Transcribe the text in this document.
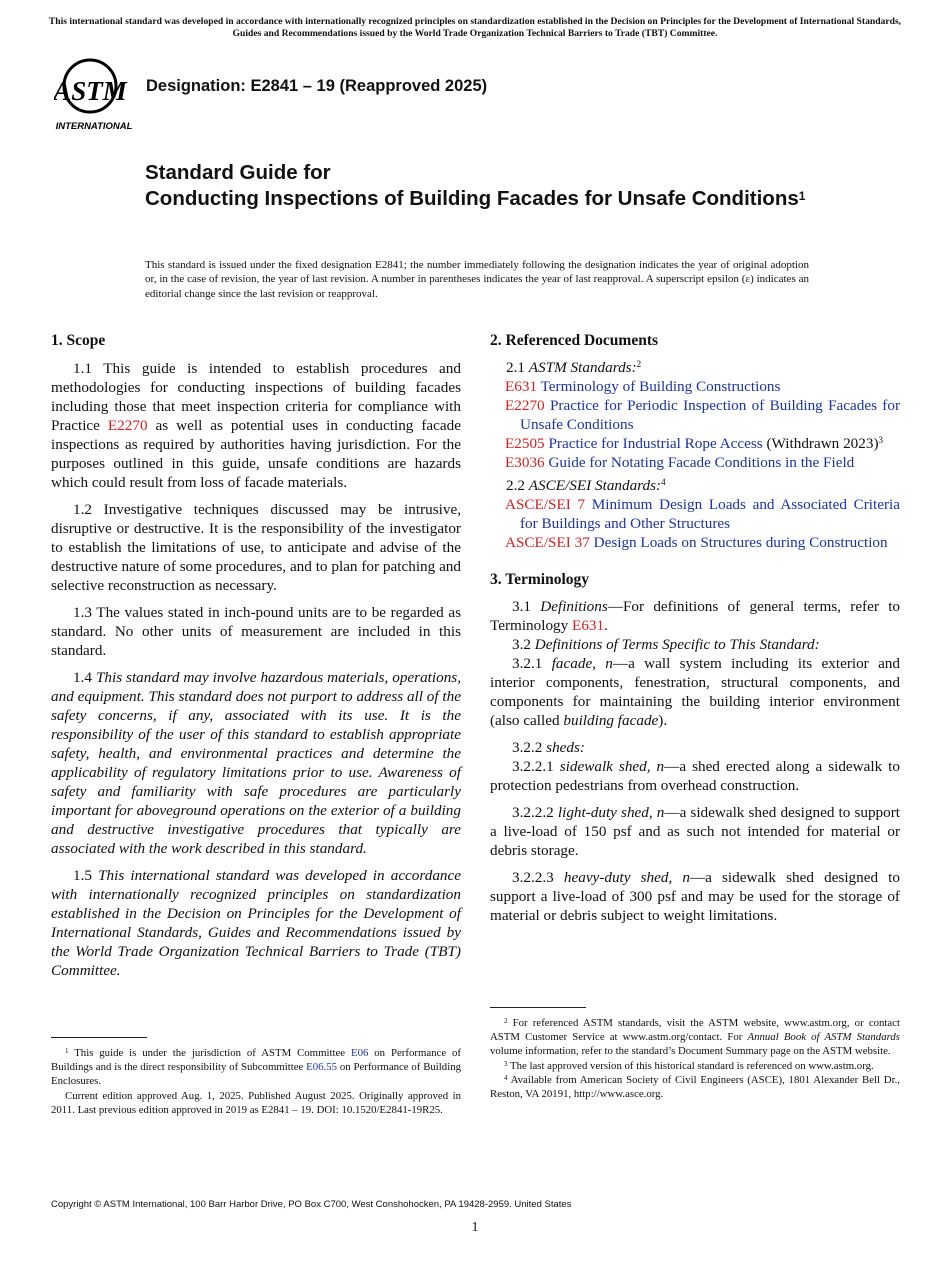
This international standard was developed in accordance with internationally recognized principles on standardization established in the Decision on Principles for the Development of International Standards, Guides and Recommendations issued by the World Trade Organization Technical Barriers to Trade (TBT) Committee.
ASTM
INTERNATIONAL
Designation: E2841 – 19 (Reapproved 2025)
Standard Guide for
Conducting Inspections of Building Facades for Unsafe Conditions$^1$
This standard is issued under the fixed designation E2841; the number immediately following the designation indicates the year of original adoption or, in the case of revision, the year of last revision. A number in parentheses indicates the year of last reapproval. A superscript epsilon (ε) indicates an editorial change since the last revision or reapproval.
1. Scope

1.1 This guide is intended to establish procedures and methodologies for conducting inspections of building facades including those that meet inspection criteria for compliance with Practice E2270 as well as potential uses in conducting facade inspections as required by authorities having jurisdiction. For the purposes outlined in this guide, unsafe conditions are hazards which could result from loss of facade materials.

1.2 Investigative techniques discussed may be intrusive, disruptive or destructive. It is the responsibility of the investigator to establish the limitations of use, to anticipate and advise of the destructive nature of some procedures, and to plan for patching and selective reconstruction as necessary.

1.3 The values stated in inch-pound units are to be regarded as standard. No other units of measurement are included in this standard.

1.4 This standard may involve hazardous materials, operations, and equipment. This standard does not purport to address all of the safety concerns, if any, associated with its use. It is the responsibility of the user of this standard to establish appropriate safety, health, and environmental practices and determine the applicability of regulatory limitations prior to use. Awareness of safety and familiarity with safe procedures are particularly important for aboveground operations on the exterior of a building and destructive investigative procedures that typically are associated with the work described in this standard.

1.5 This international standard was developed in accordance with internationally recognized principles on standardization established in the Decision on Principles for the Development of International Standards, Guides and Recommendations issued by the World Trade Organization Technical Barriers to Trade (TBT) Committee.

2. Referenced Documents

2.1 ASTM Standards:$^2$

E631 Terminology of Building Constructions
E2270 Practice for Periodic Inspection of Building Facades for Unsafe Conditions
E2505 Practice for Industrial Rope Access (Withdrawn 2023)$^3$
E3036 Guide for Notating Facade Conditions in the Field

2.2 ASCE/SEI Standards:$^4$

ASCE/SEI 7 Minimum Design Loads and Associated Criteria for Buildings and Other Structures
ASCE/SEI 37 Design Loads on Structures during Construction
3. Terminology

3.1 Definitions—For definitions of general terms, refer to Terminology E631.

3.2 Definitions of Terms Specific to This Standard:

3.2.1 facade, n—a wall system including its exterior and interior components, fenestration, structural components, and components for maintaining the building interior environment (also called building facade).

3.2.2 sheds:

3.2.2.1 sidewalk shed, n—a shed erected along a sidewalk to protection pedestrians from overhead construction.

3.2.2.2 light-duty shed, n—a sidewalk shed designed to support a live-load of 150 psf and as such not intended for material or debris storage.

3.2.2.3 heavy-duty shed, n—a sidewalk shed designed to support a live-load of 300 psf and may be used for the storage of material or debris subject to weight limitations.

$^1$ This guide is under the jurisdiction of ASTM Committee E06 on Performance of Buildings and is the direct responsibility of Subcommittee E06.55 on Performance of Building Enclosures.

Current edition approved Aug. 1, 2025. Published August 2025. Originally approved in 2011. Last previous edition approved in 2019 as E2841 – 19. DOI: 10.1520/E2841-19R25.

$^2$ For referenced ASTM standards, visit the ASTM website, www.astm.org, or contact ASTM Customer Service at www.astm.org/contact. For Annual Book of ASTM Standards volume information, refer to the standard’s Document Summary page on the ASTM website.

$^3$ The last approved version of this historical standard is referenced on www.astm.org.

$^4$ Available from American Society of Civil Engineers (ASCE), 1801 Alexander Bell Dr., Reston, VA 20191, http://www.asce.org.

Copyright © ASTM International, 100 Barr Harbor Drive, PO Box C700, West Conshohocken, PA 19428-2959. United States
1
